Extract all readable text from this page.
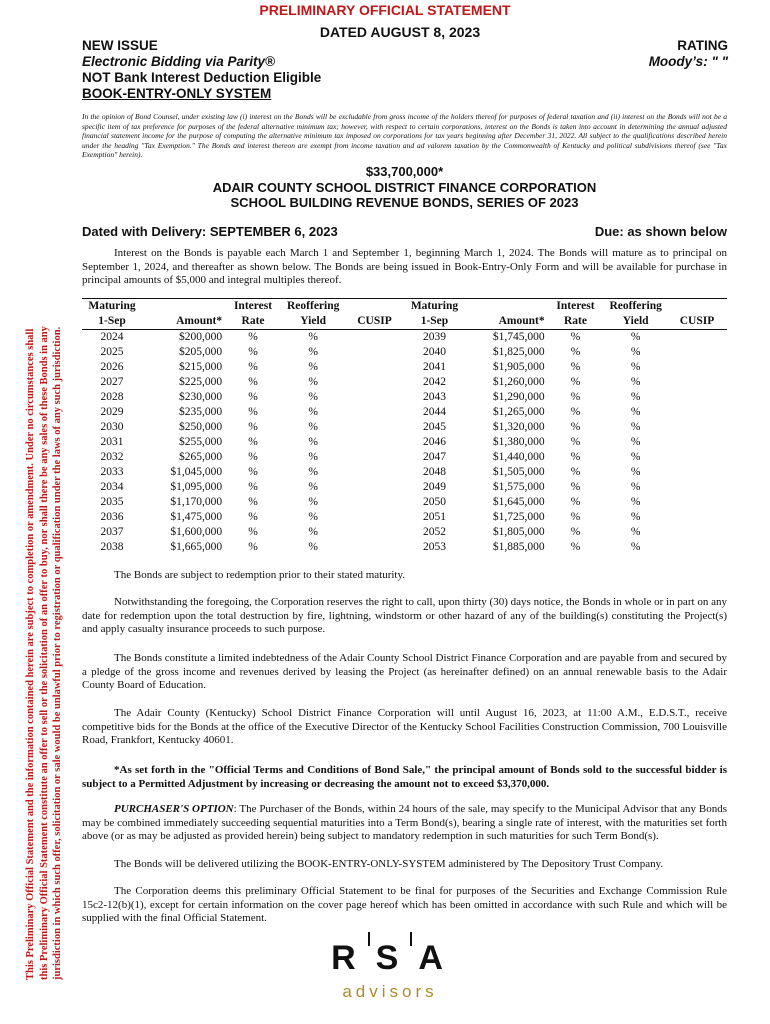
This Preliminary Official Statement and the information contained herein are subject to completion or amendment. Under no circumstances shall this Preliminary Official Statement constitute an offer to sell or the solicitation of an offer to buy, nor shall there be any sales of these Bonds in any jurisdiction in which such offer, solicitation or sale would be unlawful prior to registration or qualification under the laws of any such jurisdiction.
PRELIMINARY OFFICIAL STATEMENT
DATED AUGUST 8, 2023
NEW ISSUE
Electronic Bidding via Parity®
NOT Bank Interest Deduction Eligible
BOOK-ENTRY-ONLY SYSTEM
RATING
Moody’s: " "
In the opinion of Bond Counsel, under existing law (i) interest on the Bonds will be excludable from gross income of the holders thereof for purposes of federal taxation and (ii) interest on the Bonds will not be a specific item of tax preference for purposes of the federal alternative minimum tax; however, with respect to certain corporations, interest on the Bonds is taken into account in determining the annual adjusted financial statement income for the purpose of computing the alternative minimum tax imposed on corporations for tax years beginning after December 31, 2022. All subject to the qualifications described herein under the heading "Tax Exemption." The Bonds and interest thereon are exempt from income taxation and ad valorem taxation by the Commonwealth of Kentucky and political subdivisions thereof (see "Tax Exemption" herein).
$33,700,000*
ADAIR COUNTY SCHOOL DISTRICT FINANCE CORPORATION
SCHOOL BUILDING REVENUE BONDS, SERIES OF 2023
Dated with Delivery: SEPTEMBER 6, 2023	Due: as shown below

Interest on the Bonds is payable each March 1 and September 1, beginning March 1, 2024. The Bonds will mature as to principal on September 1, 2024, and thereafter as shown below. The Bonds are being issued in Book-Entry-Only Form and will be available for purchase in principal amounts of $5,000 and integral multiples thereof.

Maturing		Interest	Reoffering		Maturing		Interest	Reoffering	
1-Sep	Amount*	Rate	Yield	CUSIP	1-Sep	Amount*	Rate	Yield	CUSIP
2024	$200,000	%	%		2039	$1,745,000	%	%	
2025	$205,000	%	%		2040	$1,825,000	%	%	
2026	$215,000	%	%		2041	$1,905,000	%	%	
2027	$225,000	%	%		2042	$1,260,000	%	%	
2028	$230,000	%	%		2043	$1,290,000	%	%	
2029	$235,000	%	%		2044	$1,265,000	%	%	
2030	$250,000	%	%		2045	$1,320,000	%	%	
2031	$255,000	%	%		2046	$1,380,000	%	%	
2032	$265,000	%	%		2047	$1,440,000	%	%	
2033	$1,045,000	%	%		2048	$1,505,000	%	%	
2034	$1,095,000	%	%		2049	$1,575,000	%	%	
2035	$1,170,000	%	%		2050	$1,645,000	%	%	
2036	$1,475,000	%	%		2051	$1,725,000	%	%	
2037	$1,600,000	%	%		2052	$1,805,000	%	%	
2038	$1,665,000	%	%		2053	$1,885,000	%	%	

The Bonds are subject to redemption prior to their stated maturity.

Notwithstanding the foregoing, the Corporation reserves the right to call, upon thirty (30) days notice, the Bonds in whole or in part on any date for redemption upon the total destruction by fire, lightning, windstorm or other hazard of any of the building(s) constituting the Project(s) and apply casualty insurance proceeds to such purpose.

The Bonds constitute a limited indebtedness of the Adair County School District Finance Corporation and are payable from and secured by a pledge of the gross income and revenues derived by leasing the Project (as hereinafter defined) on an annual renewable basis to the Adair County Board of Education.

The Adair County (Kentucky) School District Finance Corporation will until August 16, 2023, at 11:00 A.M., E.D.S.T., receive competitive bids for the Bonds at the office of the Executive Director of the Kentucky School Facilities Construction Commission, 700 Louisville Road, Frankfort, Kentucky 40601.

*As set forth in the "Official Terms and Conditions of Bond Sale," the principal amount of Bonds sold to the successful bidder is subject to a Permitted Adjustment by increasing or decreasing the amount not to exceed $3,370,000.

PURCHASER'S OPTION: The Purchaser of the Bonds, within 24 hours of the sale, may specify to the Municipal Advisor that any Bonds may be combined immediately succeeding sequential maturities into a Term Bond(s), bearing a single rate of interest, with the maturities set forth above (or as may be adjusted as provided herein) being subject to mandatory redemption in such maturities for such Term Bond(s).

The Bonds will be delivered utilizing the BOOK-ENTRY-ONLY-SYSTEM administered by The Depository Trust Company.

The Corporation deems this preliminary Official Statement to be final for purposes of the Securities and Exchange Commission Rule 15c2-12(b)(1), except for certain information on the cover page hereof which has been omitted in accordance with such Rule and which will be supplied with the final Official Statement.

R S A
advisors
